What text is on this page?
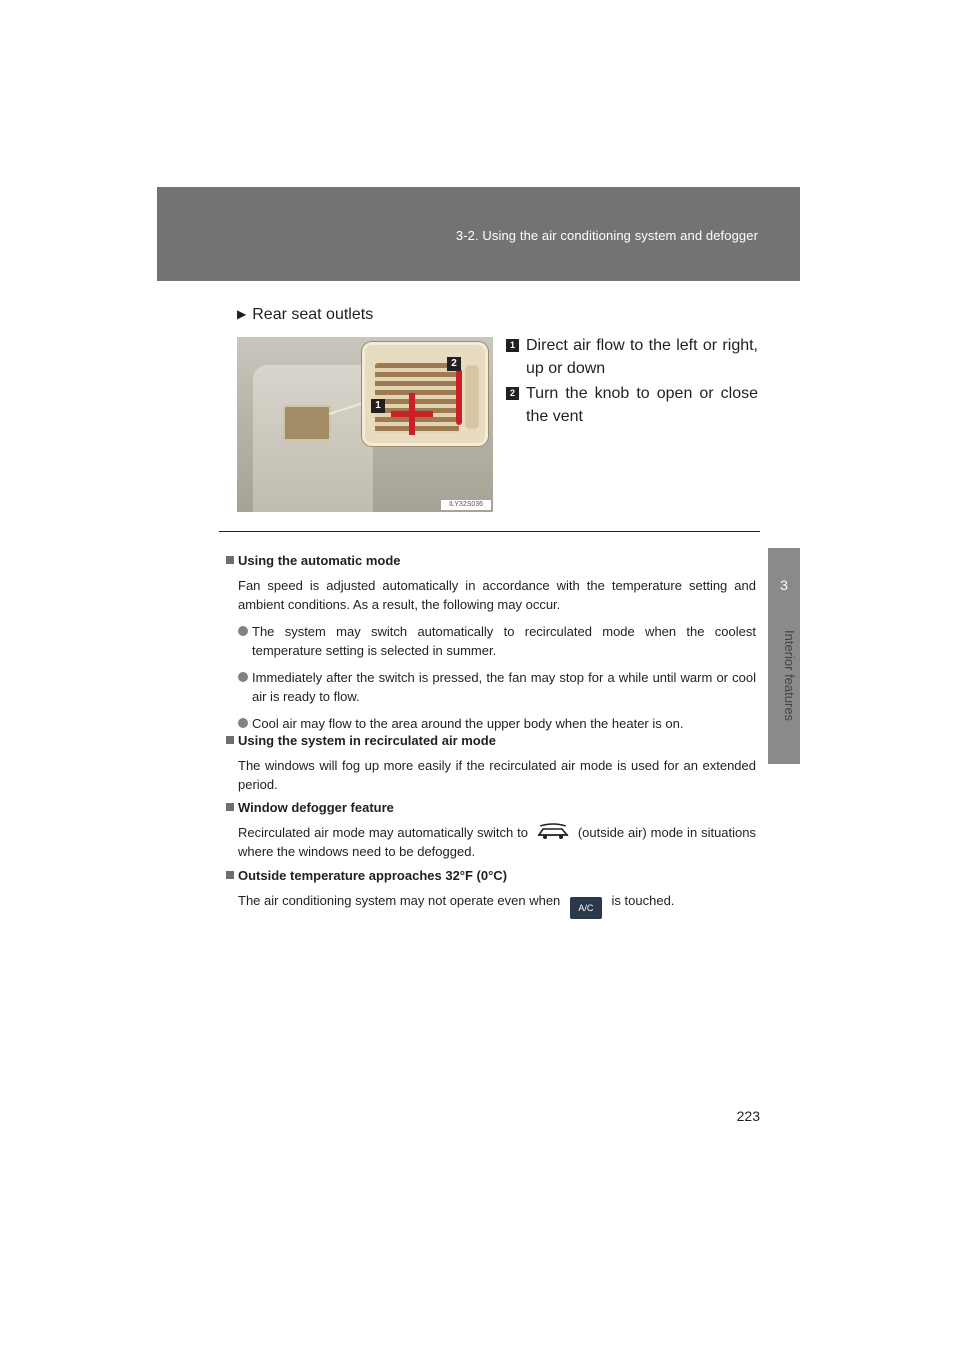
3-2. Using the air conditioning system and defogger
3
Interior features
▶ Rear seat outlets
1
2
ILY32S036
1 Direct air flow to the left or right, up or down
2 Turn the knob to open or close the vent
Using the automatic mode
Fan speed is adjusted automatically in accordance with the temperature setting and ambient conditions. As a result, the following may occur.
The system may switch automatically to recirculated mode when the coolest temperature setting is selected in summer.
Immediately after the switch is pressed, the fan may stop for a while until warm or cool air is ready to flow.
Cool air may flow to the area around the upper body when the heater is on.
Using the system in recirculated air mode
The windows will fog up more easily if the recirculated air mode is used for an extended period.
Window defogger feature
Recirculated air mode may automatically switch to	(outside air) mode in situations where the windows need to be defogged.
Outside temperature approaches 32°F (0°C)
The air conditioning system may not operate even when A/C is touched.
223
